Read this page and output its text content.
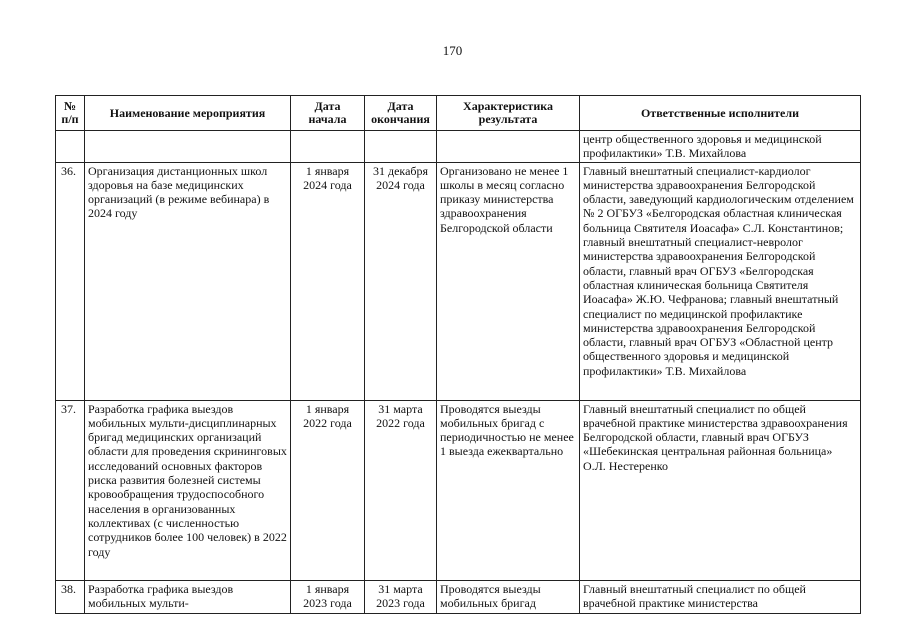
170
№ п/п	Наименование мероприятия	Дата начала	Дата окончания	Характеристика результата	Ответственные исполнители
					центр общественного здоровья и медицинской профилактики» Т.В. Михайлова
36.	Организация дистанционных школ здоровья на базе медицинских организаций (в режиме вебинара) в 2024 году	1 января 2024 года	31 декабря 2024 года	Организовано не менее 1 школы в месяц согласно приказу министерства здравоохранения Белгородской области	Главный внештатный специалист-кардиолог министерства здравоохранения Белгородской области, заведующий кардиологическим отделением № 2 ОГБУЗ «Белгородская областная клиническая больница Святителя Иоасафа» С.Л. Константинов; главный внештатный специалист-невролог министерства здравоохранения Белгородской области, главный врач ОГБУЗ «Белгородская областная клиническая больница Святителя Иоасафа» Ж.Ю. Чефранова; главный внештатный специалист по медицинской профилактике министерства здравоохранения Белгородской области, главный врач ОГБУЗ «Областной центр общественного здоровья и медицинской профилактики» Т.В. Михайлова
37.	Разработка графика выездов мобильных мульти-дисциплинарных бригад медицинских организаций области для проведения скрининговых исследований основных факторов риска развития болезней системы кровообращения трудоспособного населения в организованных коллективах (с численностью сотрудников более 100 человек) в 2022 году	1 января 2022 года	31 марта 2022 года	Проводятся выезды мобильных бригад с периодичностью не менее 1 выезда ежеквартально	Главный внештатный специалист по общей врачебной практике министерства здравоохранения Белгородской области, главный врач ОГБУЗ «Шебекинская центральная районная больница» О.Л. Нестеренко
38.	Разработка графика выездов мобильных мульти-	1 января 2023 года	31 марта 2023 года	Проводятся выезды мобильных бригад	Главный внештатный специалист по общей врачебной практике министерства
